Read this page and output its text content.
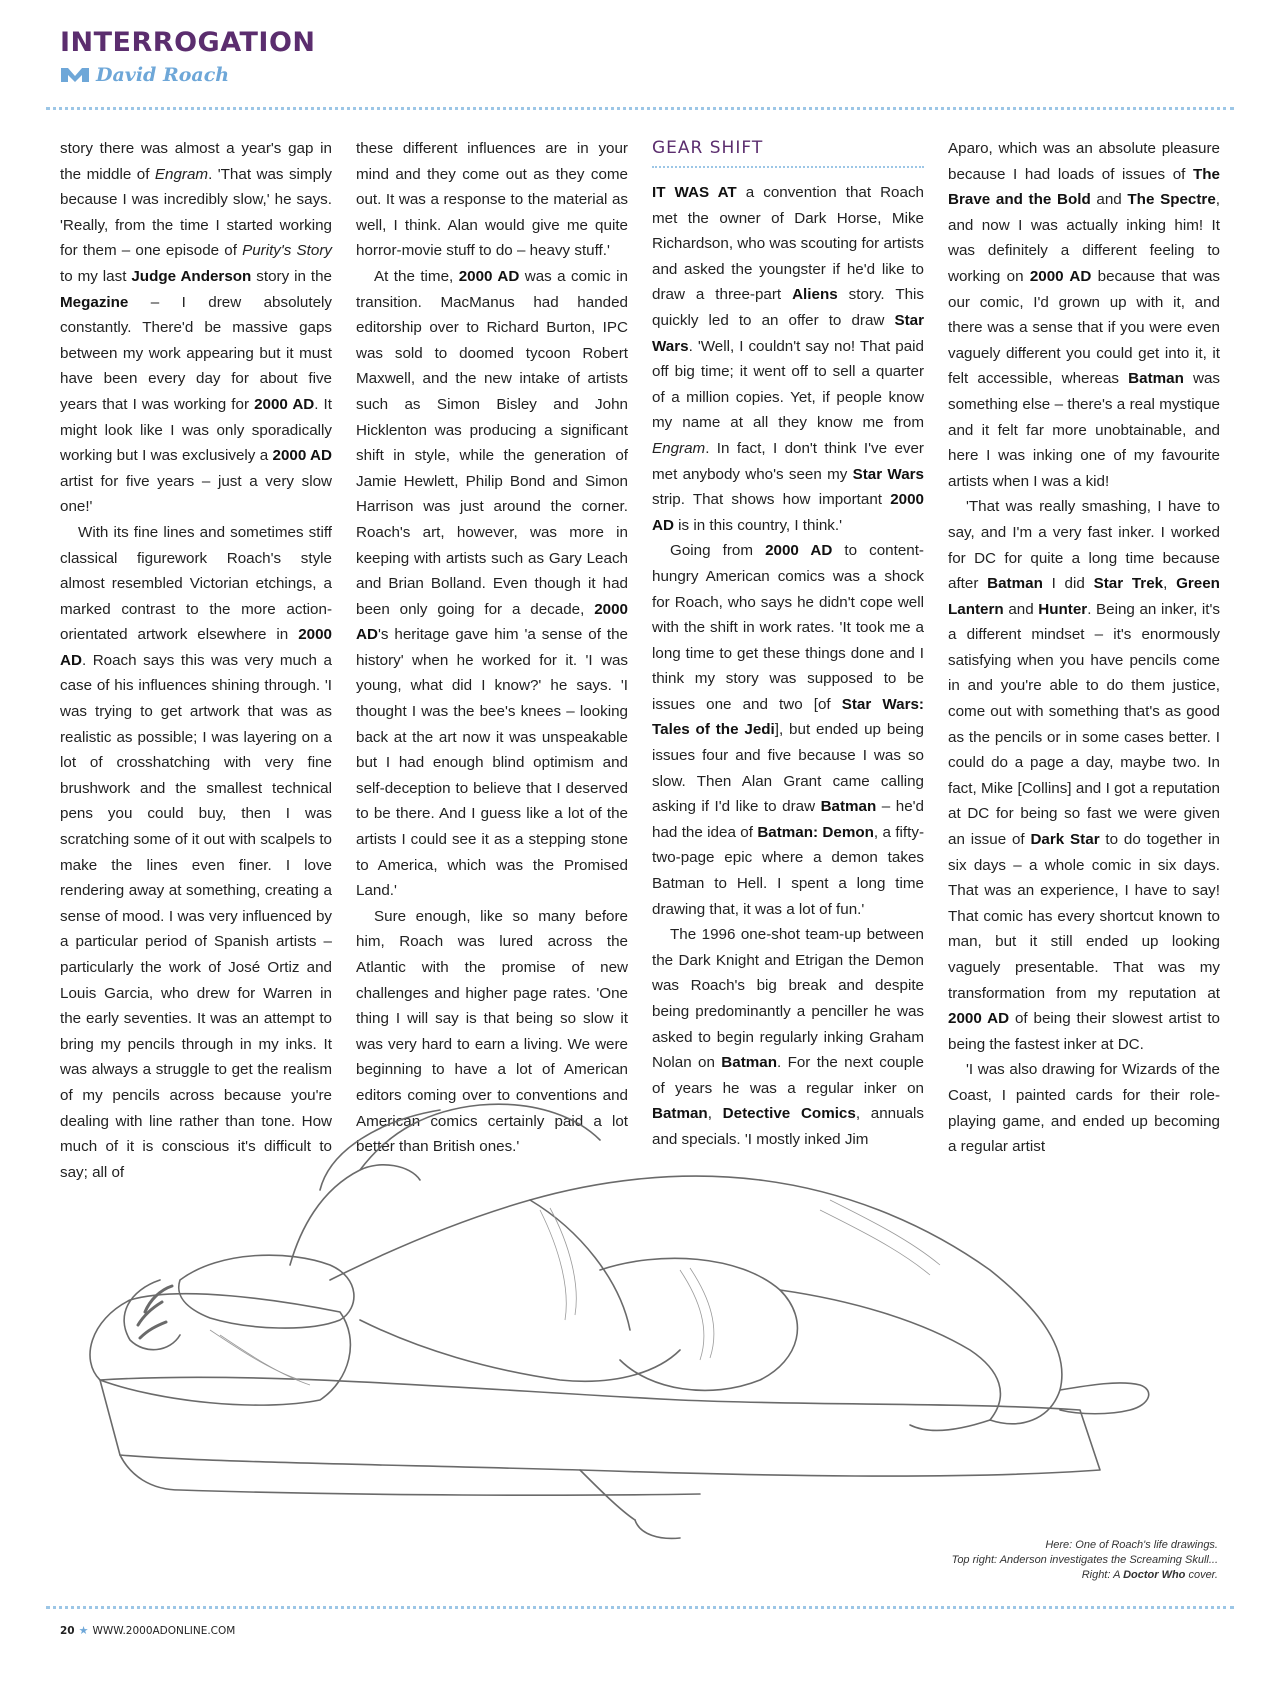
INTERROGATION
David Roach

story there was almost a year's gap in the middle of Engram. 'That was simply because I was incredibly slow,' he says. 'Really, from the time I started working for them – one episode of Purity's Story to my last Judge Anderson story in the Megazine – I drew absolutely constantly. There'd be massive gaps between my work appearing but it must have been every day for about five years that I was working for 2000 AD. It might look like I was only sporadically working but I was exclusively a 2000 AD artist for five years – just a very slow one!'

With its fine lines and sometimes stiff classical figurework Roach's style almost resembled Victorian etchings, a marked contrast to the more action-orientated artwork elsewhere in 2000 AD. Roach says this was very much a case of his influences shining through. 'I was trying to get artwork that was as realistic as possible; I was layering on a lot of crosshatching with very fine brushwork and the smallest technical pens you could buy, then I was scratching some of it out with scalpels to make the lines even finer. I love rendering away at something, creating a sense of mood. I was very influenced by a particular period of Spanish artists – particularly the work of José Ortiz and Louis Garcia, who drew for Warren in the early seventies. It was an attempt to bring my pencils through in my inks. It was always a struggle to get the realism of my pencils across because you're dealing with line rather than tone. How much of it is conscious it's difficult to say; all of

these different influences are in your mind and they come out as they come out. It was a response to the material as well, I think. Alan would give me quite horror-movie stuff to do – heavy stuff.'

At the time, 2000 AD was a comic in transition. MacManus had handed editorship over to Richard Burton, IPC was sold to doomed tycoon Robert Maxwell, and the new intake of artists such as Simon Bisley and John Hicklenton was producing a significant shift in style, while the generation of Jamie Hewlett, Philip Bond and Simon Harrison was just around the corner. Roach's art, however, was more in keeping with artists such as Gary Leach and Brian Bolland. Even though it had been only going for a decade, 2000 AD's heritage gave him 'a sense of the history' when he worked for it. 'I was young, what did I know?' he says. 'I thought I was the bee's knees – looking back at the art now it was unspeakable but I had enough blind optimism and self-deception to believe that I deserved to be there. And I guess like a lot of the artists I could see it as a stepping stone to America, which was the Promised Land.'

Sure enough, like so many before him, Roach was lured across the Atlantic with the promise of new challenges and higher page rates. 'One thing I will say is that being so slow it was very hard to earn a living. We were beginning to have a lot of American editors coming over to conventions and American comics certainly paid a lot better than British ones.'

GEAR SHIFT

IT WAS AT a convention that Roach met the owner of Dark Horse, Mike Richardson, who was scouting for artists and asked the youngster if he'd like to draw a three-part Aliens story. This quickly led to an offer to draw Star Wars. 'Well, I couldn't say no! That paid off big time; it went off to sell a quarter of a million copies. Yet, if people know my name at all they know me from Engram. In fact, I don't think I've ever met anybody who's seen my Star Wars strip. That shows how important 2000 AD is in this country, I think.'

Going from 2000 AD to content-hungry American comics was a shock for Roach, who says he didn't cope well with the shift in work rates. 'It took me a long time to get these things done and I think my story was supposed to be issues one and two [of Star Wars: Tales of the Jedi], but ended up being issues four and five because I was so slow. Then Alan Grant came calling asking if I'd like to draw Batman – he'd had the idea of Batman: Demon, a fifty-two-page epic where a demon takes Batman to Hell. I spent a long time drawing that, it was a lot of fun.'

The 1996 one-shot team-up between the Dark Knight and Etrigan the Demon was Roach's big break and despite being predominantly a penciller he was asked to begin regularly inking Graham Nolan on Batman. For the next couple of years he was a regular inker on Batman, Detective Comics, annuals and specials. 'I mostly inked Jim

Aparo, which was an absolute pleasure because I had loads of issues of The Brave and the Bold and The Spectre, and now I was actually inking him! It was definitely a different feeling to working on 2000 AD because that was our comic, I'd grown up with it, and there was a sense that if you were even vaguely different you could get into it, it felt accessible, whereas Batman was something else – there's a real mystique and it felt far more unobtainable, and here I was inking one of my favourite artists when I was a kid!

'That was really smashing, I have to say, and I'm a very fast inker. I worked for DC for quite a long time because after Batman I did Star Trek, Green Lantern and Hunter. Being an inker, it's a different mindset – it's enormously satisfying when you have pencils come in and you're able to do them justice, come out with something that's as good as the pencils or in some cases better. I could do a page a day, maybe two. In fact, Mike [Collins] and I got a reputation at DC for being so fast we were given an issue of Dark Star to do together in six days – a whole comic in six days. That was an experience, I have to say! That comic has every shortcut known to man, but it still ended up looking vaguely presentable. That was my transformation from my reputation at 2000 AD of being their slowest artist to being the fastest inker at DC.

'I was also drawing for Wizards of the Coast, I painted cards for their role-playing game, and ended up becoming a regular artist

Here: One of Roach's life drawings.
Top right: Anderson investigates the Screaming Skull...
Right: A Doctor Who cover.
20 ★ WWW.2000ADONLINE.COM
